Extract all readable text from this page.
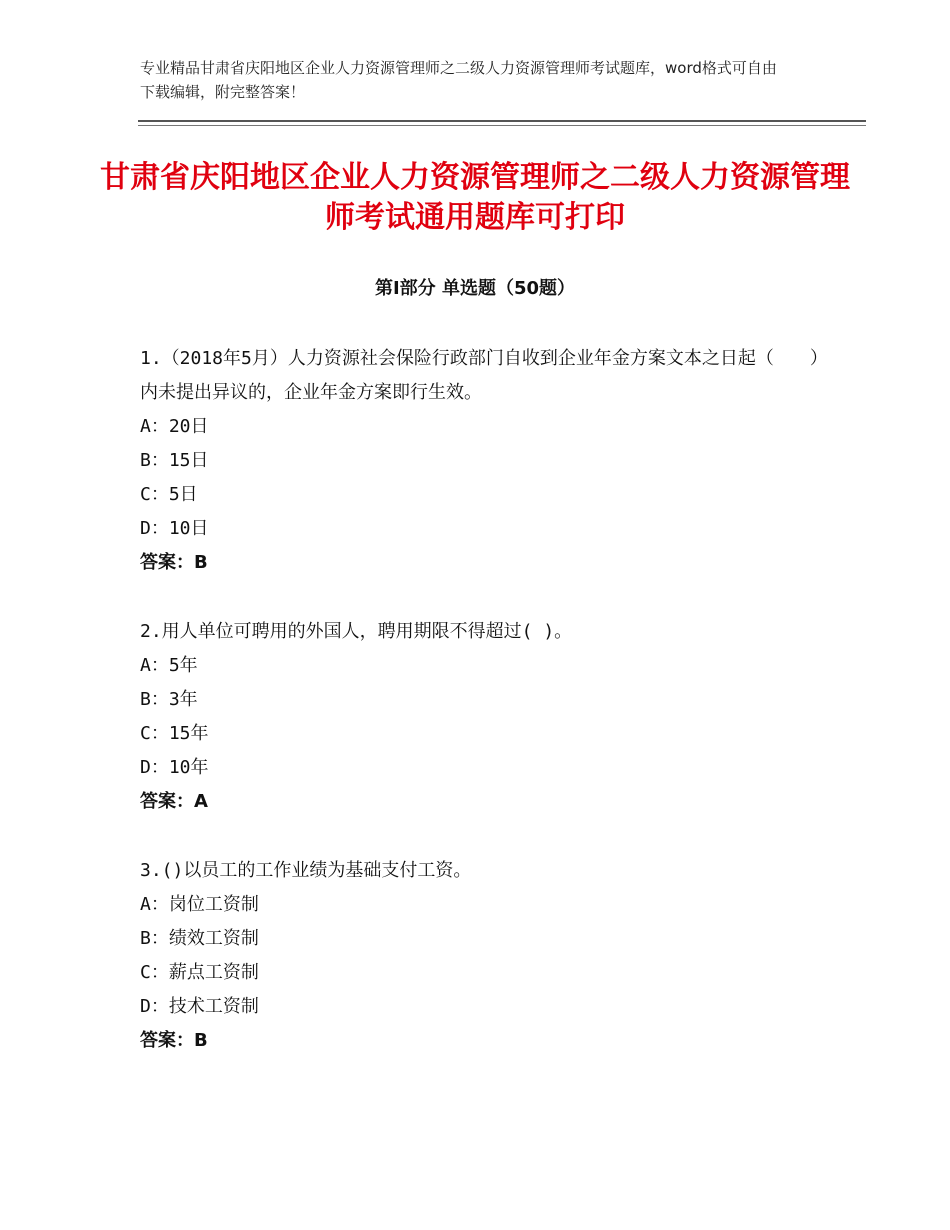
专业精品甘肃省庆阳地区企业人力资源管理师之二级人力资源管理师考试题库，word格式可自由下载编辑，附完整答案！
甘肃省庆阳地区企业人力资源管理师之二级人力资源管理师考试通用题库可打印
第Ⅰ部分 单选题（50题）

1.（2018年5月）人力资源社会保险行政部门自收到企业年金方案文本之日起（　　）内未提出异议的，企业年金方案即行生效。

A：20日

B：15日

C：5日

D：10日

答案：B

2.用人单位可聘用的外国人，聘用期限不得超过( )。

A：5年

B：3年

C：15年

D：10年

答案：A

3.()以员工的工作业绩为基础支付工资。

A：岗位工资制

B：绩效工资制

C：薪点工资制

D：技术工资制

答案：B
